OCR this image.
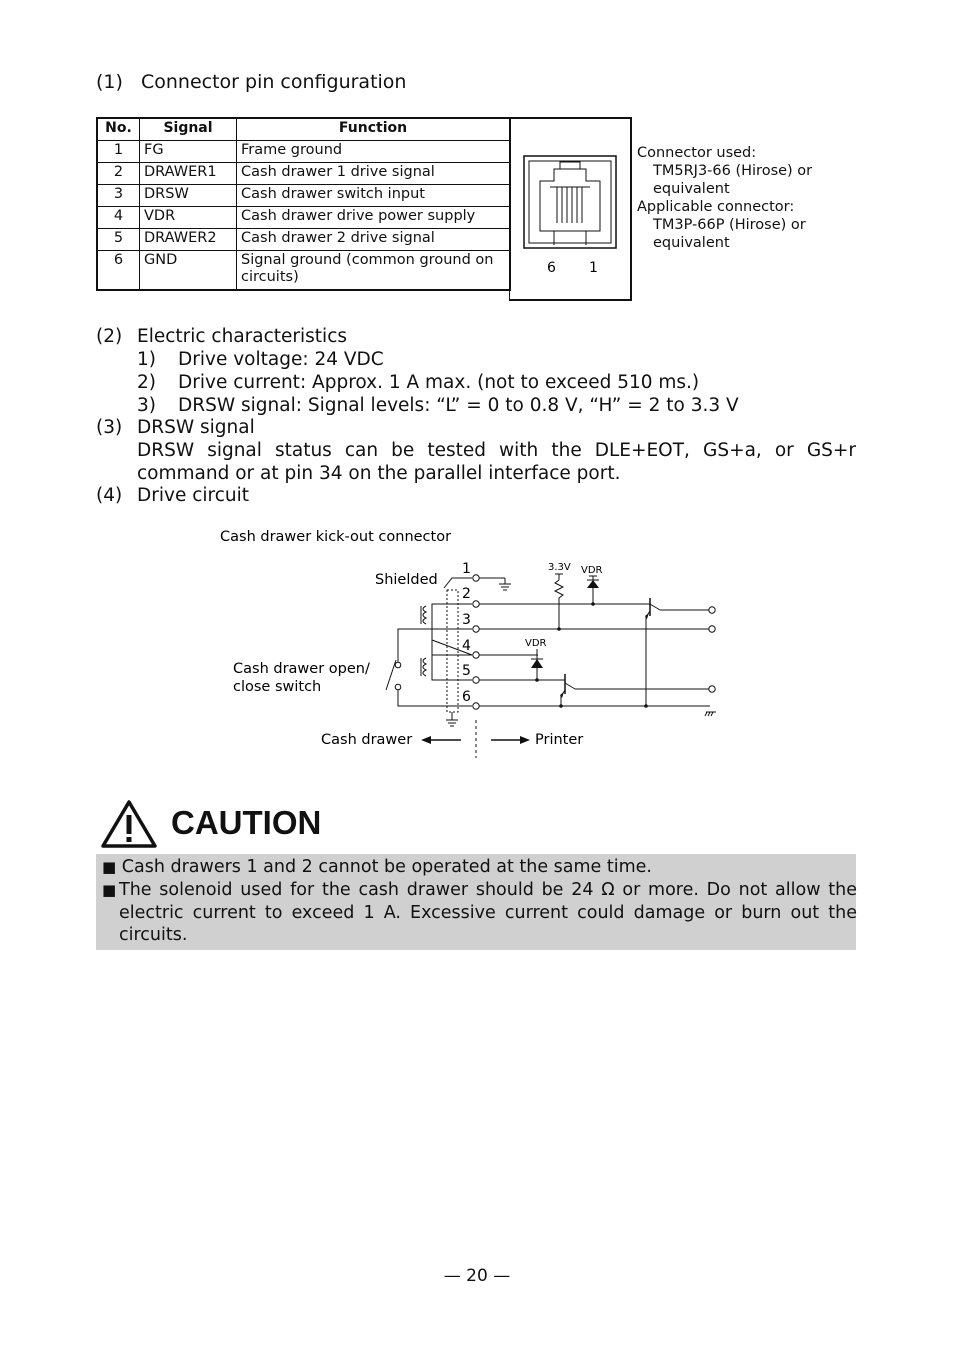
(1) Connector pin configuration
No.	Signal	Function
1	FG	Frame ground
2	DRAWER1	Cash drawer 1 drive signal
3	DRSW	Cash drawer switch input
4	VDR	Cash drawer drive power supply
5	DRAWER2	Cash drawer 2 drive signal
6	GND	Signal ground (common ground on circuits)
6 1
Connector used:
TM5RJ3-66 (Hirose) or
equivalent
Applicable connector:
TM3P-66P (Hirose) or
equivalent
(2) Electric characteristics
1) Drive voltage: 24 VDC
2) Drive current: Approx. 1 A max. (not to exceed 510 ms.)
3) DRSW signal: Signal levels: “L” = 0 to 0.8 V, “H” = 2 to 3.3 V
(3) DRSW signal
DRSW signal status can be tested with the DLE+EOT, GS+a, or GS+r command or at pin 34 on the parallel interface port.
(4) Drive circuit
Cash drawer kick-out connector
Shielded
1
2
3
4
5
6
3.3V VDR
VDR
Cash drawer open/
close switch
Cash drawer	Printer
CAUTION
■ Cash drawers 1 and 2 cannot be operated at the same time.
■ The solenoid used for the cash drawer should be 24 Ω or more. Do not allow the electric current to exceed 1 A. Excessive current could damage or burn out the circuits.
— 20 —
